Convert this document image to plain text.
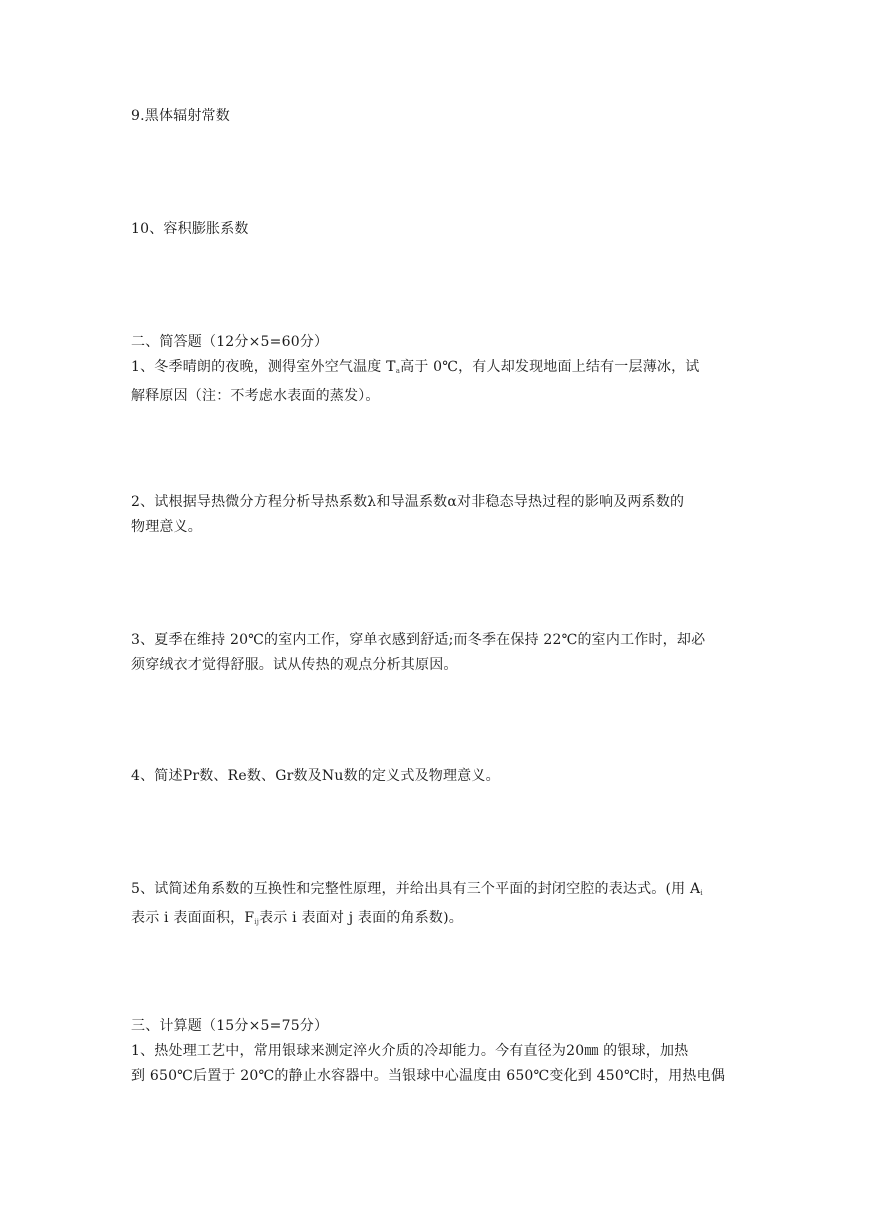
9.黑体辐射常数

10、容积膨胀系数

二、简答题（12分×5=60分）

1、冬季晴朗的夜晚，测得室外空气温度 $T_a$高于 0℃，有人却发现地面上结有一层薄冰，试
解释原因（注：不考虑水表面的蒸发）。
2、试根据导热微分方程分析导热系数λ和导温系数α对非稳态导热过程的影响及两系数的
物理意义。
3、夏季在维持 20℃的室内工作，穿单衣感到舒适;而冬季在保持 22℃的室内工作时，却必
须穿绒衣才觉得舒服。试从传热的观点分析其原因。
4、简述Pr数、Re数、Gr数及Nu数的定义式及物理意义。
5、试简述角系数的互换性和完整性原理，并给出具有三个平面的封闭空腔的表达式。(用 $A_i$
表示 i 表面面积，$F_{ij}$表示 i 表面对 j 表面的角系数)。

三、计算题（15分×5=75分）

1、热处理工艺中，常用银球来测定淬火介质的冷却能力。今有直径为20㎜ 的银球，加热
到 650℃后置于 20℃的静止水容器中。当银球中心温度由 650℃变化到 450℃时，用热电偶
